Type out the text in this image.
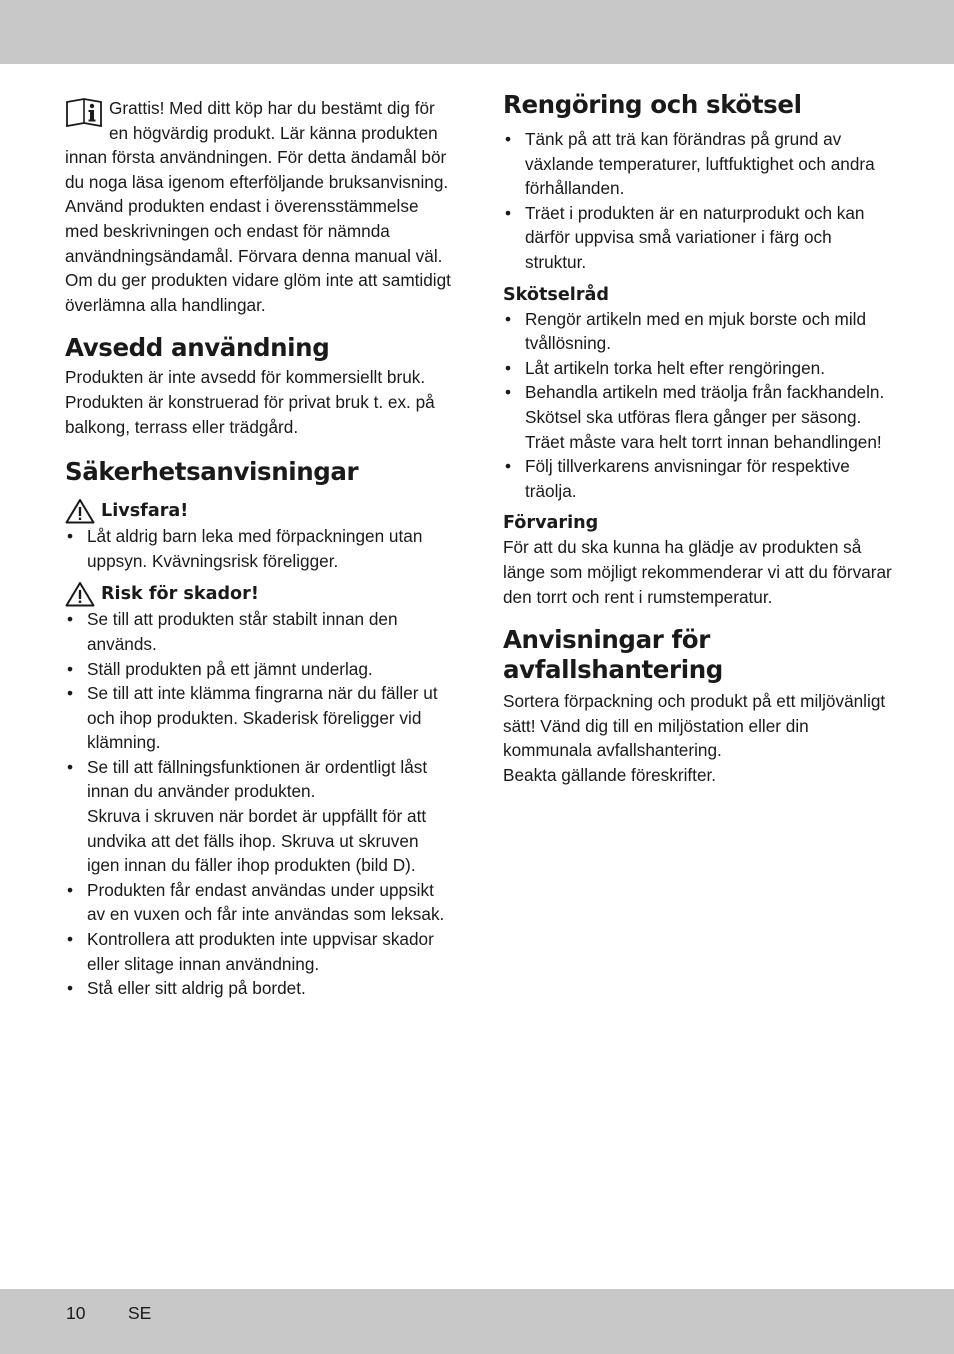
Grattis! Med ditt köp har du bestämt dig för en högvärdig produkt. Lär känna produkten innan första användningen. För detta ändamål bör du noga läsa igenom efterföljande bruksanvisning. Använd produkten endast i överensstämmelse med beskrivningen och endast för nämnda användningsändamål. Förvara denna manual väl. Om du ger produkten vidare glöm inte att samtidigt överlämna alla handlingar.

Avsedd användning

Produkten är inte avsedd för kommersiellt bruk. Produkten är konstruerad för privat bruk t. ex. på balkong, terrass eller trädgård.

Säkerhetsanvisningar
Livsfara!
• Låt aldrig barn leka med förpackningen utan uppsyn. Kvävningsrisk föreligger.
Risk för skador!
• Se till att produkten står stabilt innan den används.
• Ställ produkten på ett jämnt underlag.
• Se till att inte klämma fingrarna när du fäller ut och ihop produkten. Skaderisk föreligger vid klämning.
• Se till att fällningsfunktionen är ordentligt låst innan du använder produkten.
Skruva i skruven när bordet är uppfällt för att undvika att det fälls ihop. Skruva ut skruven igen innan du fäller ihop produkten (bild D).
• Produkten får endast användas under uppsikt av en vuxen och får inte användas som leksak.
• Kontrollera att produkten inte uppvisar skador eller slitage innan användning.
• Stå eller sitt aldrig på bordet.
Rengöring och skötsel
• Tänk på att trä kan förändras på grund av växlande temperaturer, luftfuktighet och andra förhållanden.
• Träet i produkten är en naturprodukt och kan därför uppvisa små variationer i färg och struktur.
Skötselråd
• Rengör artikeln med en mjuk borste och mild tvållösning.
• Låt artikeln torka helt efter rengöringen.
• Behandla artikeln med träolja från fackhandeln. Skötsel ska utföras flera gånger per säsong. Träet måste vara helt torrt innan behandlingen!
• Följ tillverkarens anvisningar för respektive träolja.
Förvaring

För att du ska kunna ha glädje av produkten så länge som möjligt rekommenderar vi att du förvarar den torrt och rent i rumstemperatur.

Anvisningar för avfallshantering

Sortera förpackning och produkt på ett miljövänligt sätt! Vänd dig till en miljöstation eller din kommunala avfallshantering.

Beakta gällande föreskrifter.

10 SE
